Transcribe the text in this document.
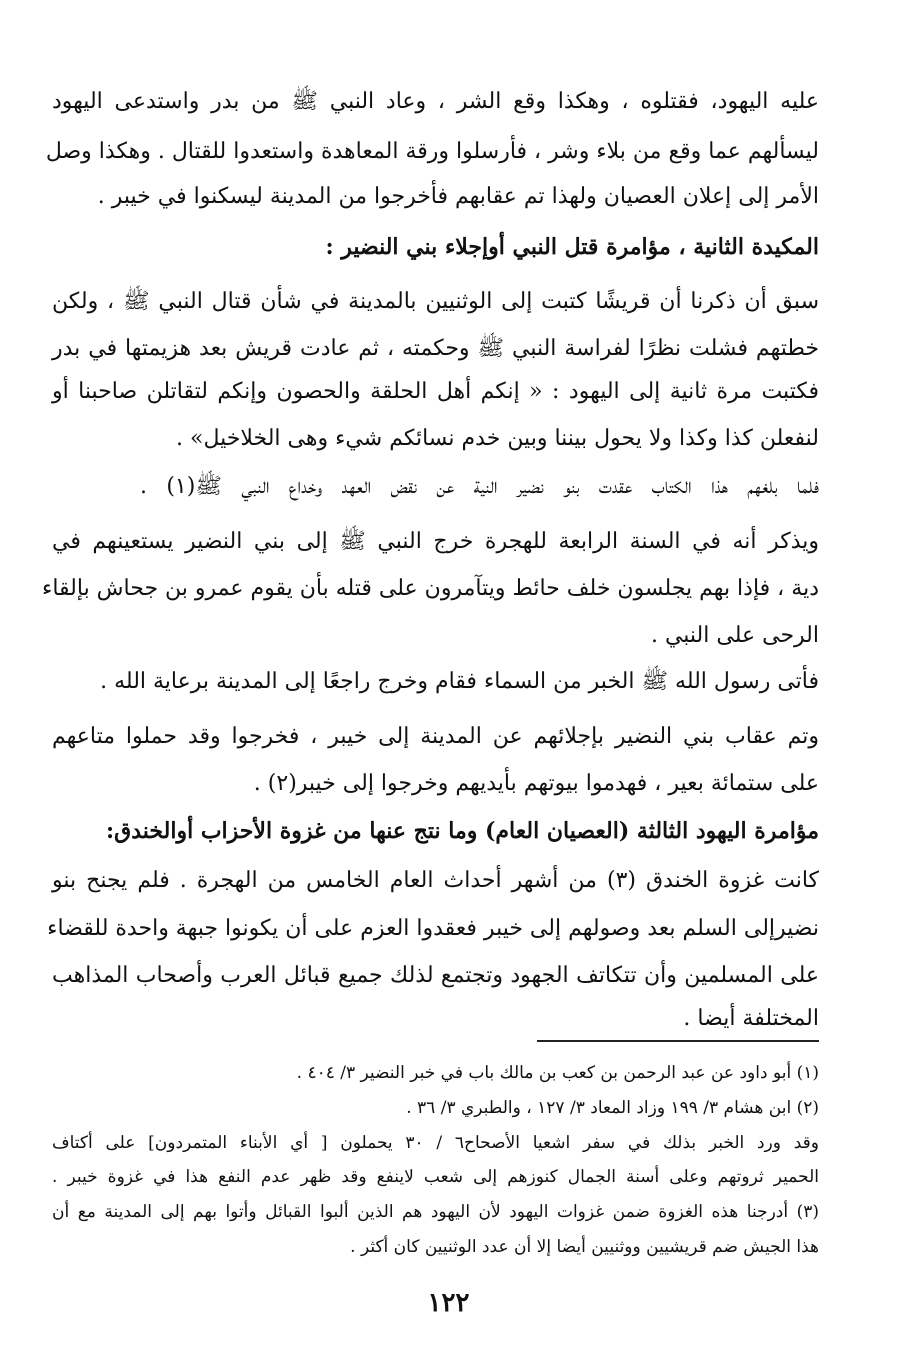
عليه اليهود، فقتلوه ، وهكذا وقع الشر ، وعاد النبي ﷺ من بدر واستدعى اليهود
ليسألهم عما وقع من بلاء وشر ، فأرسلوا ورقة المعاهدة واستعدوا للقتال . وهكذا وصل
الأمر إلى إعلان العصيان ولهذا تم عقابهم فأخرجوا من المدينة ليسكنوا في خيبر .
المكيدة الثانية ، مؤامرة قتل النبي أوإجلاء بني النضير :
سبق أن ذكرنا أن قريشًا كتبت إلى الوثنيين بالمدينة في شأن قتال النبي ﷺ ، ولكن
خطتهم فشلت نظرًا لفراسة النبي ﷺ وحكمته ، ثم عادت قريش بعد هزيمتها في بدر
فكتبت مرة ثانية إلى اليهود : « إنكم أهل الحلقة والحصون وإنكم لتقاتلن صاحبنا أو
لنفعلن كذا وكذا ولا يحول بيننا وبين خدم نسائكم شيء وهى الخلاخيل» .
فلما بلغهم هذا الكتاب عقدت بنو نضير النية عن نقض العهد وخداع النبي ﷺ(١) .
ويذكر أنه في السنة الرابعة للهجرة خرج النبي ﷺ إلى بني النضير يستعينهم في
دية ، فإذا بهم يجلسون خلف حائط ويتآمرون على قتله بأن يقوم عمرو بن جحاش بإلقاء
الرحى على النبي .
فأتى رسول الله ﷺ الخبر من السماء فقام وخرج راجعًا إلى المدينة برعاية الله .
وتم عقاب بني النضير بإجلائهم عن المدينة إلى خيبر ، فخرجوا وقد حملوا متاعهم
على ستمائة بعير ، فهدموا بيوتهم بأيديهم وخرجوا إلى خيبر(٢) .
مؤامرة اليهود الثالثة (العصيان العام) وما نتج عنها من غزوة الأحزاب أوالخندق:
كانت غزوة الخندق (٣) من أشهر أحداث العام الخامس من الهجرة . فلم يجنح بنو
نضيرإلى السلم بعد وصولهم إلى خيبر فعقدوا العزم على أن يكونوا جبهة واحدة للقضاء
على المسلمين وأن تتكاتف الجهود وتجتمع لذلك جميع قبائل العرب وأصحاب المذاهب
المختلفة أيضا .
(١) أبو داود عن عبد الرحمن بن كعب بن مالك باب في خبر النضير ٣/ ٤٠٤ .
(٢) ابن هشام ٣/ ١٩٩ وزاد المعاد ٣/ ١٢٧ ، والطبري ٣/ ٣٦ .
وقد ورد الخبر بذلك في سفر اشعيا الأصحاح٦ / ٣٠ يحملون [ أي الأبناء المتمردون] على أكتاف
الحمير ثروتهم وعلى أسنة الجمال كنوزهم إلى شعب لاينفع وقد ظهر عدم النفع هذا في غزوة خيبر .
(٣) أدرجنا هذه الغزوة ضمن غزوات اليهود لأن اليهود هم الذين ألبوا القبائل وأتوا بهم إلى المدينة مع أن
هذا الجيش ضم قريشيين ووثنيين أيضا إلا أن عدد الوثنيين كان أكثر .
١٢٢
